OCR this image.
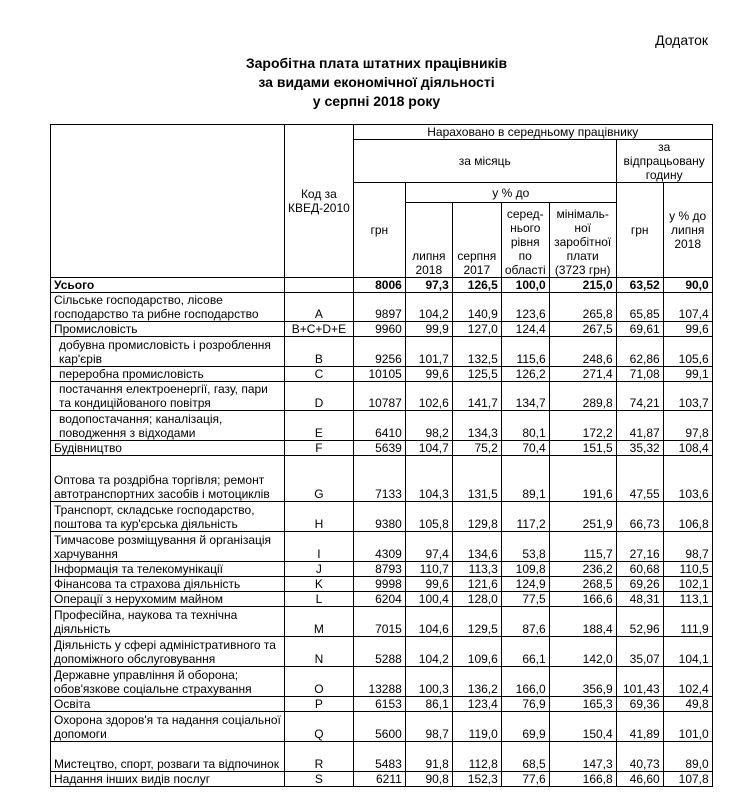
Додаток
Заробітна плата штатних працівників
за видами економічної діяльності
у серпні 2018 року
	Код за КВЕД-2010	Нараховано в середньому працівнику						
		за місяць					за відпрацьовану годину	
		грн	у % до				грн	у % до липня 2018
			липня 2018	серпня 2017	серед-нього рівня по області	мінімаль-ної заробітної плати (3723 грн)		
Усього		8006	97,3	126,5	100,0	215,0	63,52	90,0
Сільське господарство, лісове господарство та рибне господарство	A	9897	104,2	140,9	123,6	265,8	65,85	107,4
Промисловість	B+C+D+E	9960	99,9	127,0	124,4	267,5	69,61	99,6
добувна промисловість і розроблення кар'єрів	B	9256	101,7	132,5	115,6	248,6	62,86	105,6
переробна промисловість	C	10105	99,6	125,5	126,2	271,4	71,08	99,1
постачання електроенергії, газу, пари та кондиційованого повітря	D	10787	102,6	141,7	134,7	289,8	74,21	103,7
водопостачання; каналізація, поводження з відходами	E	6410	98,2	134,3	80,1	172,2	41,87	97,8
Будівництво	F	5639	104,7	75,2	70,4	151,5	35,32	108,4
Оптова та роздрібна торгівля; ремонт автотранспортних засобів і мотоциклів	G	7133	104,3	131,5	89,1	191,6	47,55	103,6
Транспорт, складське господарство, поштова та кур'єрська діяльність	H	9380	105,8	129,8	117,2	251,9	66,73	106,8
Тимчасове розміщування й організація харчування	I	4309	97,4	134,6	53,8	115,7	27,16	98,7
Інформація та телекомунікації	J	8793	110,7	113,3	109,8	236,2	60,68	110,5
Фінансова та страхова діяльність	K	9998	99,6	121,6	124,9	268,5	69,26	102,1
Операції з нерухомим майном	L	6204	100,4	128,0	77,5	166,6	48,31	113,1
Професійна, наукова та технічна діяльність	M	7015	104,6	129,5	87,6	188,4	52,96	111,9
Діяльність у сфері адміністративного та допоміжного обслуговування	N	5288	104,2	109,6	66,1	142,0	35,07	104,1
Державне управління й оборона; обов'язкове соціальне страхування	O	13288	100,3	136,2	166,0	356,9	101,43	102,4
Освіта	P	6153	86,1	123,4	76,9	165,3	69,36	49,8
Охорона здоров'я та надання соціальної допомоги	Q	5600	98,7	119,0	69,9	150,4	41,89	101,0
Мистецтво, спорт, розваги та відпочинок	R	5483	91,8	112,8	68,5	147,3	40,73	89,0
Надання інших видів послуг	S	6211	90,8	152,3	77,6	166,8	46,60	107,8
